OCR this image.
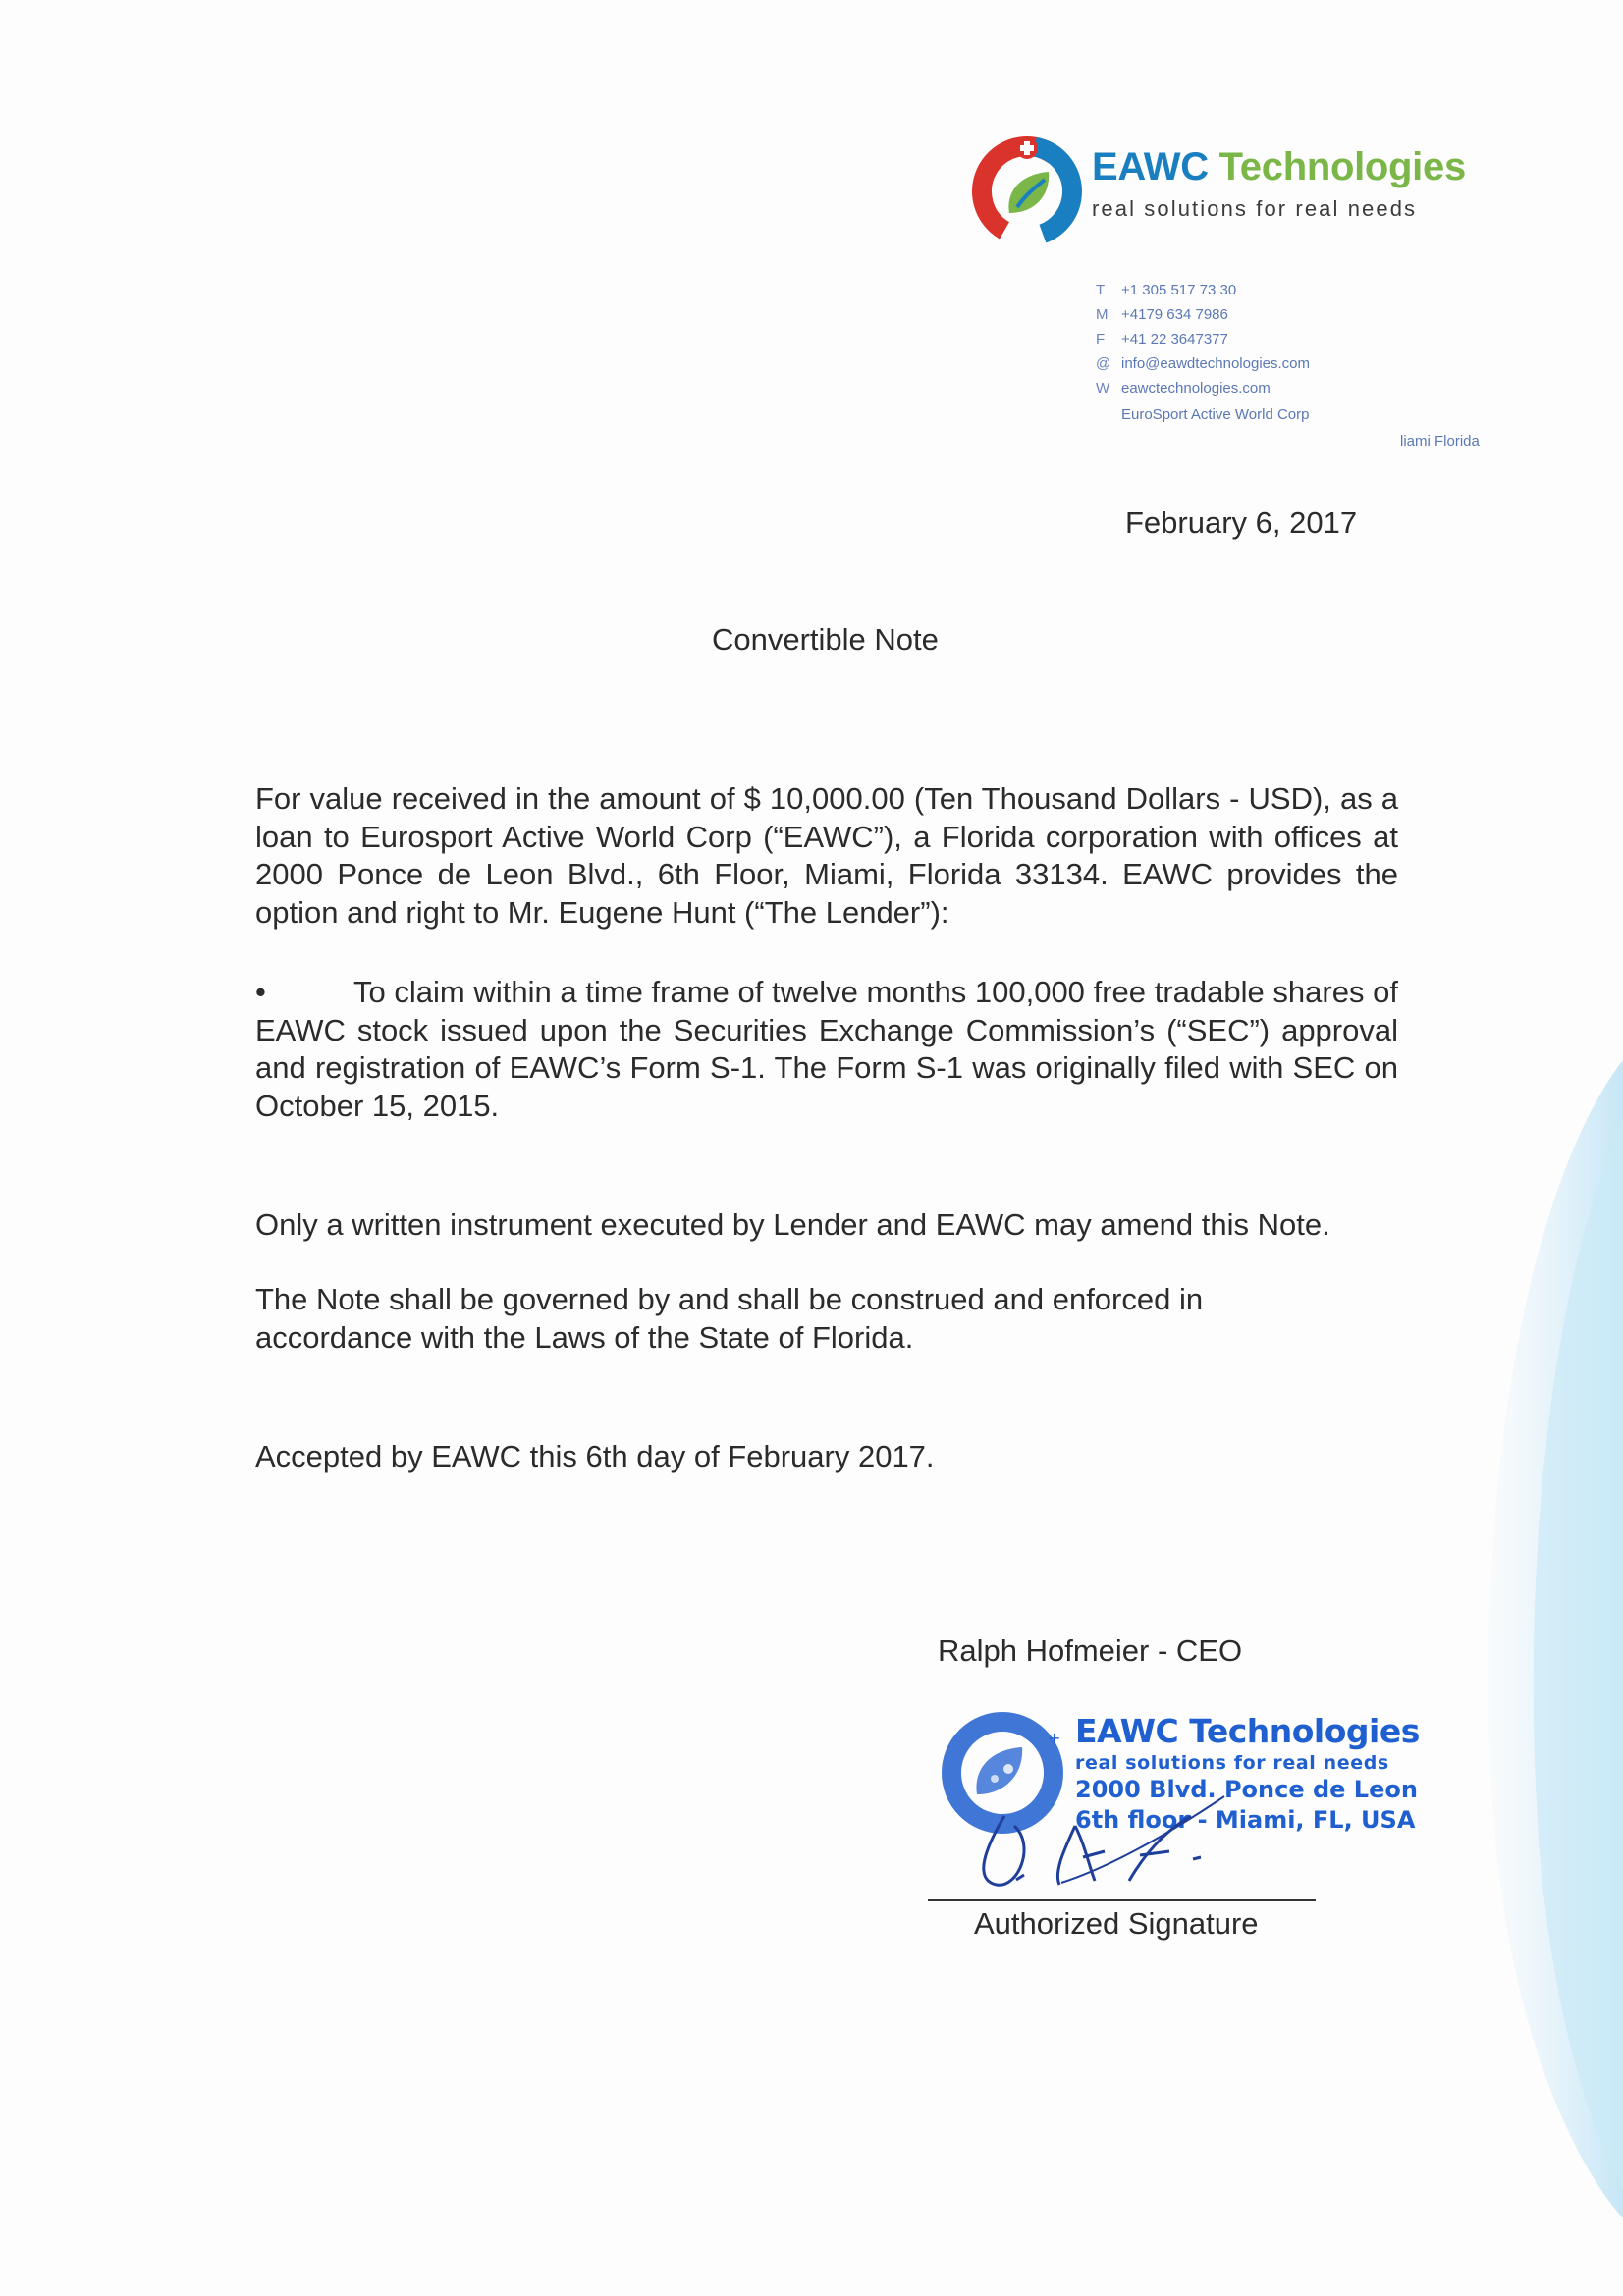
EAWC Technologies
real solutions for real needs
T +1 305 517 73 30
M +4179 634 7986
F +41 22 3647377
@ info@eawdtechnologies.com
W eawctechnologies.com
EuroSport Active World Corp
liami Florida
February 6, 2017
Convertible Note
For value received in the amount of $ 10,000.00 (Ten Thousand Dollars - USD), as a loan to Eurosport Active World Corp (“EAWC”), a Florida corporation with offices at 2000 Ponce de Leon Blvd., 6th Floor, Miami, Florida 33134. EAWC provides the option and right to Mr. Eugene Hunt (“The Lender”):
•	To claim within a time frame of twelve months 100,000 free tradable shares of EAWC stock issued upon the Securities Exchange Commission’s (“SEC”) approval and registration of EAWC’s Form S-1. The Form S-1 was originally filed with SEC on October 15, 2015.
Only a written instrument executed by Lender and EAWC may amend this Note.
The Note shall be governed by and shall be construed and enforced in accordance with the Laws of the State of Florida.
Accepted by EAWC this 6th day of February 2017.
Ralph Hofmeier - CEO
+ EAWC Technologies
real solutions for real needs
2000 Blvd. Ponce de Leon
6th floor - Miami, FL, USA
Authorized Signature
